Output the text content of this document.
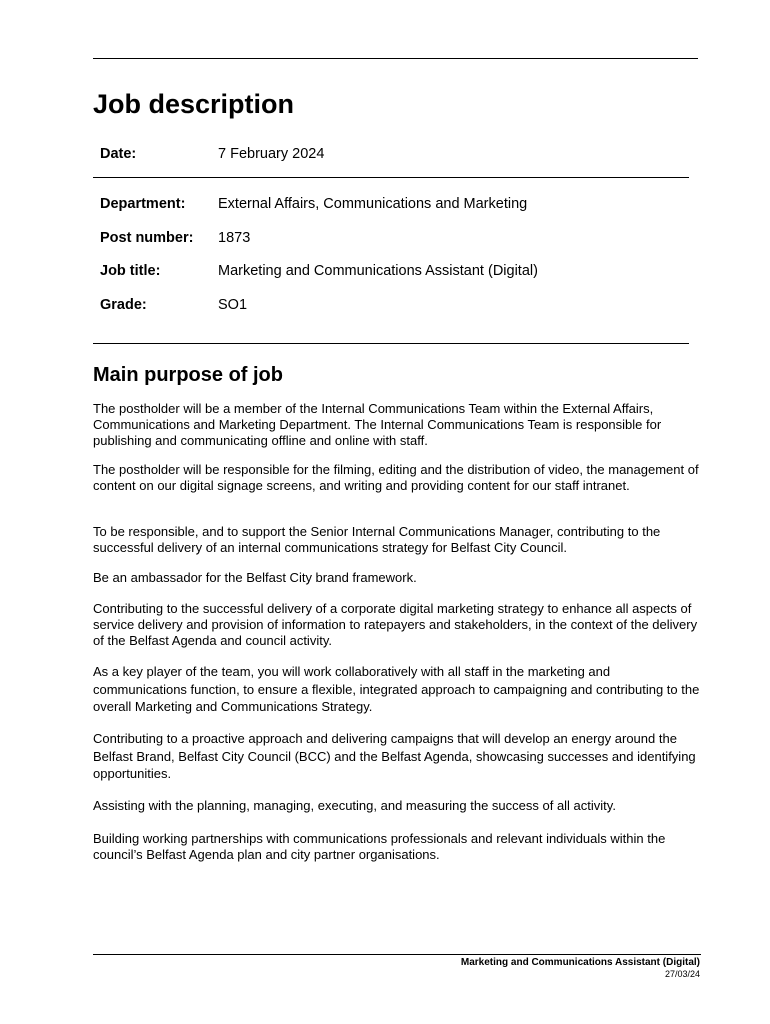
Job description
Date:	7 February 2024
Department: External Affairs, Communications and Marketing
Post number: 1873
Job title:	Marketing and Communications Assistant (Digital)
Grade:	SO1
Main purpose of job

The postholder will be a member of the Internal Communications Team within the External Affairs, Communications and Marketing Department. The Internal Communications Team is responsible for publishing and communicating offline and online with staff.

The postholder will be responsible for the filming, editing and the distribution of video, the management of content on our digital signage screens, and writing and providing content for our staff intranet.

To be responsible, and to support the Senior Internal Communications Manager, contributing to the successful delivery of an internal communications strategy for Belfast City Council.

Be an ambassador for the Belfast City brand framework.

Contributing to the successful delivery of a corporate digital marketing strategy to enhance all aspects of service delivery and provision of information to ratepayers and stakeholders, in the context of the delivery of the Belfast Agenda and council activity.

As a key player of the team, you will work collaboratively with all staff in the marketing and communications function, to ensure a flexible, integrated approach to campaigning and contributing to the overall Marketing and Communications Strategy.

Contributing to a proactive approach and delivering campaigns that will develop an energy around the Belfast Brand, Belfast City Council (BCC) and the Belfast Agenda, showcasing successes and identifying opportunities.

Assisting with the planning, managing, executing, and measuring the success of all activity.

Building working partnerships with communications professionals and relevant individuals within the council’s Belfast Agenda plan and city partner organisations.

Marketing and Communications Assistant (Digital)
27/03/24
